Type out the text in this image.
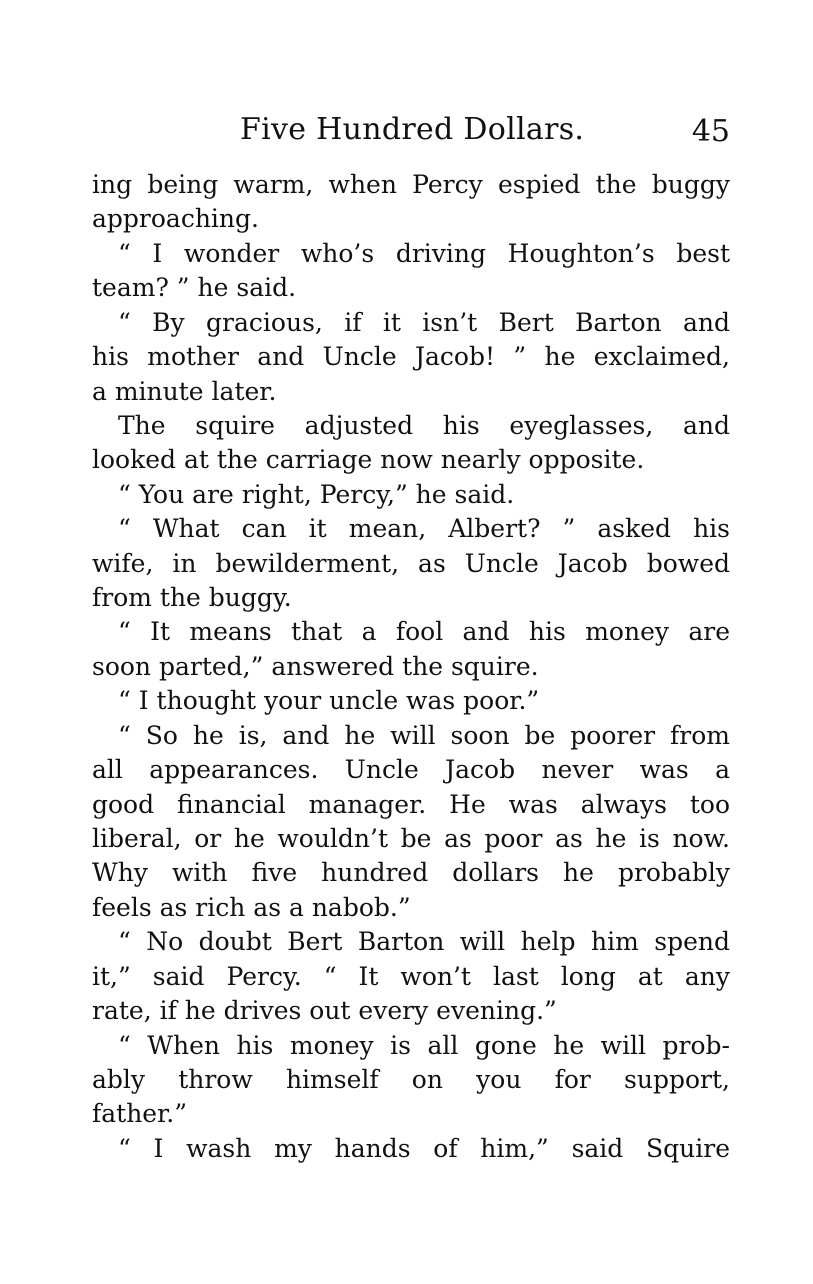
Five Hundred Dollars.	45
ing being warm, when Percy espied the buggy
approaching.
“ I wonder who’s driving Houghton’s best
team? ” he said.
“ By gracious, if it isn’t Bert Barton and
his mother and Uncle Jacob! ” he exclaimed,
a minute later.
The squire adjusted his eyeglasses, and
looked at the carriage now nearly opposite.
“ You are right, Percy,” he said.
“ What can it mean, Albert? ” asked his
wife, in bewilderment, as Uncle Jacob bowed
from the buggy.
“ It means that a fool and his money are
soon parted,” answered the squire.
“ I thought your uncle was poor.”
“ So he is, and he will soon be poorer from
all appearances. Uncle Jacob never was a
good financial manager. He was always too
liberal, or he wouldn’t be as poor as he is now.
Why with five hundred dollars he probably
feels as rich as a nabob.”
“ No doubt Bert Barton will help him spend
it,” said Percy. “ It won’t last long at any
rate, if he drives out every evening.”
“ When his money is all gone he will prob-
ably throw himself on you for support,
father.”
“ I wash my hands of him,” said Squire
